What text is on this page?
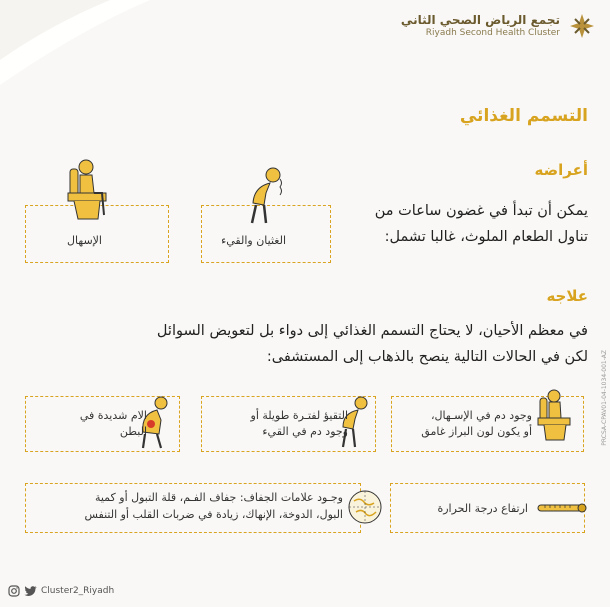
تجمع الرياض الصحي الثاني
Riyadh Second Health Cluster
التسمم الغذائي
أعراضه
يمكن أن تبدأ في غضون ساعات من
تناول الطعام الملوث، غالبا تشمل:
الغثيان والقيء
الإسهال
علاجه
في معظم الأحيان، لا يحتاج التسمم الغذائي إلى دواء بل لتعويض السوائل
لكن في الحالات التالية ينصح بالذهاب إلى المستشفى:
وجود دم في الإسـهال،
أو يكون لون البراز غامق
التقيؤ لفتـرة طويلة أو
وجود دم في القيء
الام شديدة في
البطن
ارتفاع درجة الحرارة
وجـود علامات الجفاف: جفاف الفـم، قلة التبول أو كمية
البول، الدوخة، الإنهاك، زيادة في ضربات القلب أو التنفس
PRCSA-CPAV01-04-1034-001-AZ
Cluster2_Riyadh
